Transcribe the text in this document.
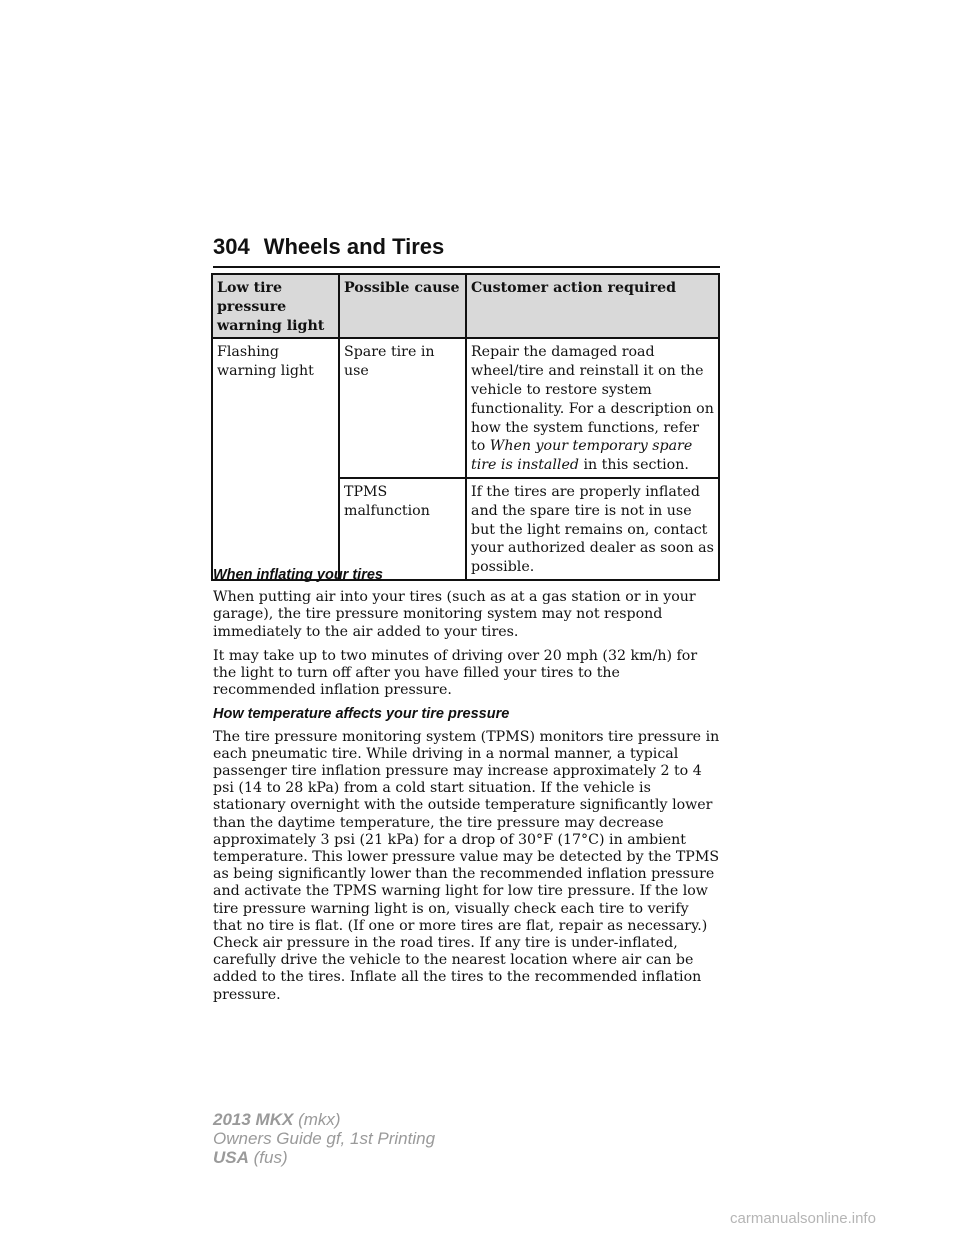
304 Wheels and Tires
Low tire pressure warning light	Possible cause	Customer action required
Flashing warning light	Spare tire in use	Repair the damaged road wheel/tire and reinstall it on the vehicle to restore system functionality. For a description on how the system functions, refer to When your temporary spare tire is installed in this section.
	TPMS malfunction	If the tires are properly inflated and the spare tire is not in use but the light remains on, contact your authorized dealer as soon as possible.
When inflating your tires

When putting air into your tires (such as at a gas station or in your garage), the tire pressure monitoring system may not respond immediately to the air added to your tires.

It may take up to two minutes of driving over 20 mph (32 km/h) for the light to turn off after you have filled your tires to the recommended inflation pressure.

How temperature affects your tire pressure

The tire pressure monitoring system (TPMS) monitors tire pressure in each pneumatic tire. While driving in a normal manner, a typical passenger tire inflation pressure may increase approximately 2 to 4 psi (14 to 28 kPa) from a cold start situation. If the vehicle is stationary overnight with the outside temperature significantly lower than the daytime temperature, the tire pressure may decrease approximately 3 psi (21 kPa) for a drop of 30°F (17°C) in ambient temperature. This lower pressure value may be detected by the TPMS as being significantly lower than the recommended inflation pressure and activate the TPMS warning light for low tire pressure. If the low tire pressure warning light is on, visually check each tire to verify that no tire is flat. (If one or more tires are flat, repair as necessary.) Check air pressure in the road tires. If any tire is under-inflated, carefully drive the vehicle to the nearest location where air can be added to the tires. Inflate all the tires to the recommended inflation pressure.

2013 MKX (mkx)
Owners Guide gf, 1st Printing
USA (fus)
carmanualsonline.info
